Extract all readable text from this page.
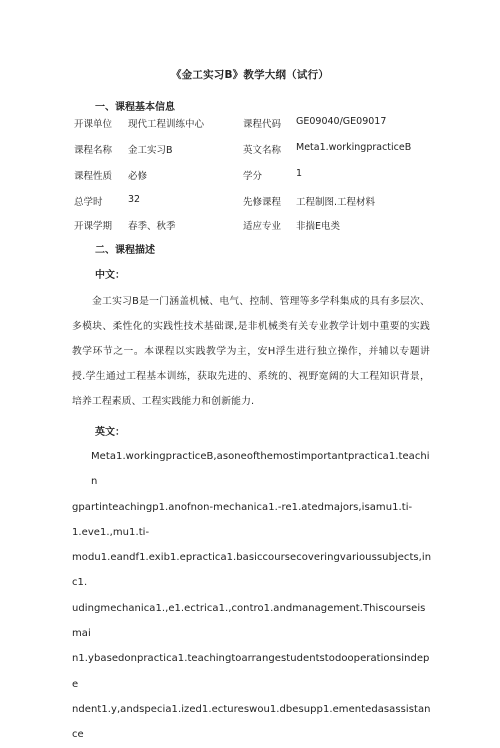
《金工实习B》教学大纲（试行）
一、课程基本信息
开课单位 现代工程训练中心	课程代码 GE09040/GE09017
课程名称 金工实习B	英文名称 Meta1.workingpracticeB
课程性质 必修	学分	1
总学时	32	先修课程 工程制图.工程材料
开课学期 春季、秋季	适应专业 非揣E电类
二、课程描述
中文：
金工实习B是一门涵盖机械、电气、控制、管理等多学科集成的具有多层次、多模块、柔性化的实践性技术基础课,是非机械类有关专业教学计划中重要的实践教学环节之一。本课程以实践教学为主，安H浮生进行独立操作，并辅以专题讲授.学生通过工程基本训练，获取先进的、系统的、视野宽阔的大工程知识背景，培养工程素质、工程实践能力和创新能力.
英文：
Meta1.workingpracticeB,asoneofthemostimportantpractica1.teachin
gpartinteachingp1.anofnon-mechanica1.-re1.atedmajors,isamu1.ti-
1.eve1.,mu1.ti-
modu1.eandf1.exib1.epractica1.basiccoursecoveringvarioussubjects,inc1.
udingmechanica1.,e1.ectrica1.,contro1.andmanagement.Thiscourseismai
n1.ybasedonpractica1.teachingtoarrangestudentstodooperationsindepe
ndent1.y,andspecia1.ized1.ectureswou1.dbesupp1.ementedasassistance
